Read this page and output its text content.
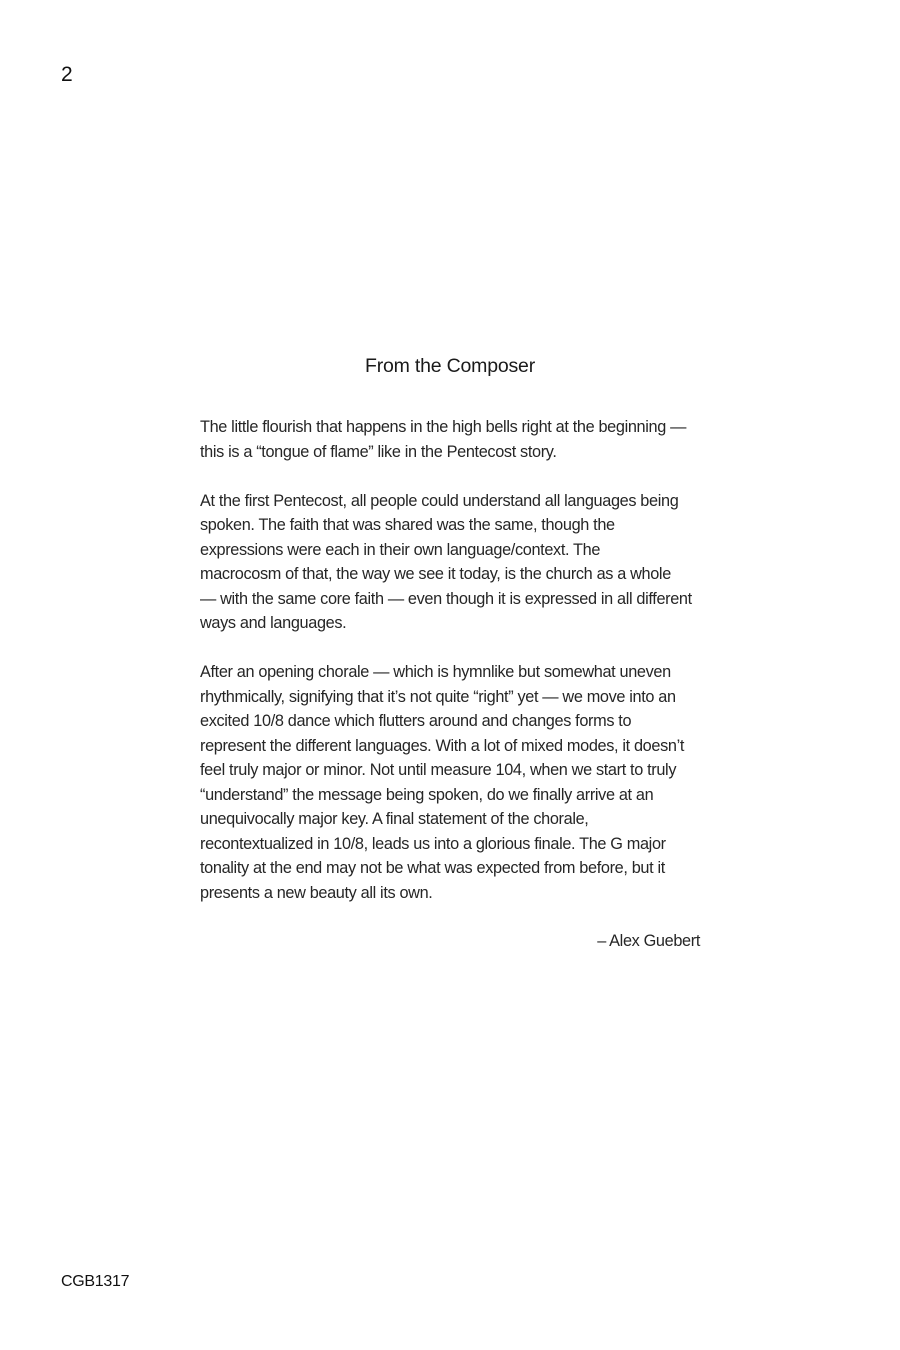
2
From the Composer

The little flourish that happens in the high bells right at the beginning —
this is a “tongue of flame” like in the Pentecost story.

At the first Pentecost, all people could understand all languages being
spoken. The faith that was shared was the same, though the
expressions were each in their own language/context. The
macrocosm of that, the way we see it today, is the church as a whole
— with the same core faith — even though it is expressed in all different
ways and languages.

After an opening chorale — which is hymnlike but somewhat uneven
rhythmically, signifying that it’s not quite “right” yet — we move into an
excited 10/8 dance which flutters around and changes forms to
represent the different languages. With a lot of mixed modes, it doesn’t
feel truly major or minor. Not until measure 104, when we start to truly
“understand” the message being spoken, do we finally arrive at an
unequivocally major key. A final statement of the chorale,
recontextualized in 10/8, leads us into a glorious finale. The G major
tonality at the end may not be what was expected from before, but it
presents a new beauty all its own.

– Alex Guebert
CGB1317
